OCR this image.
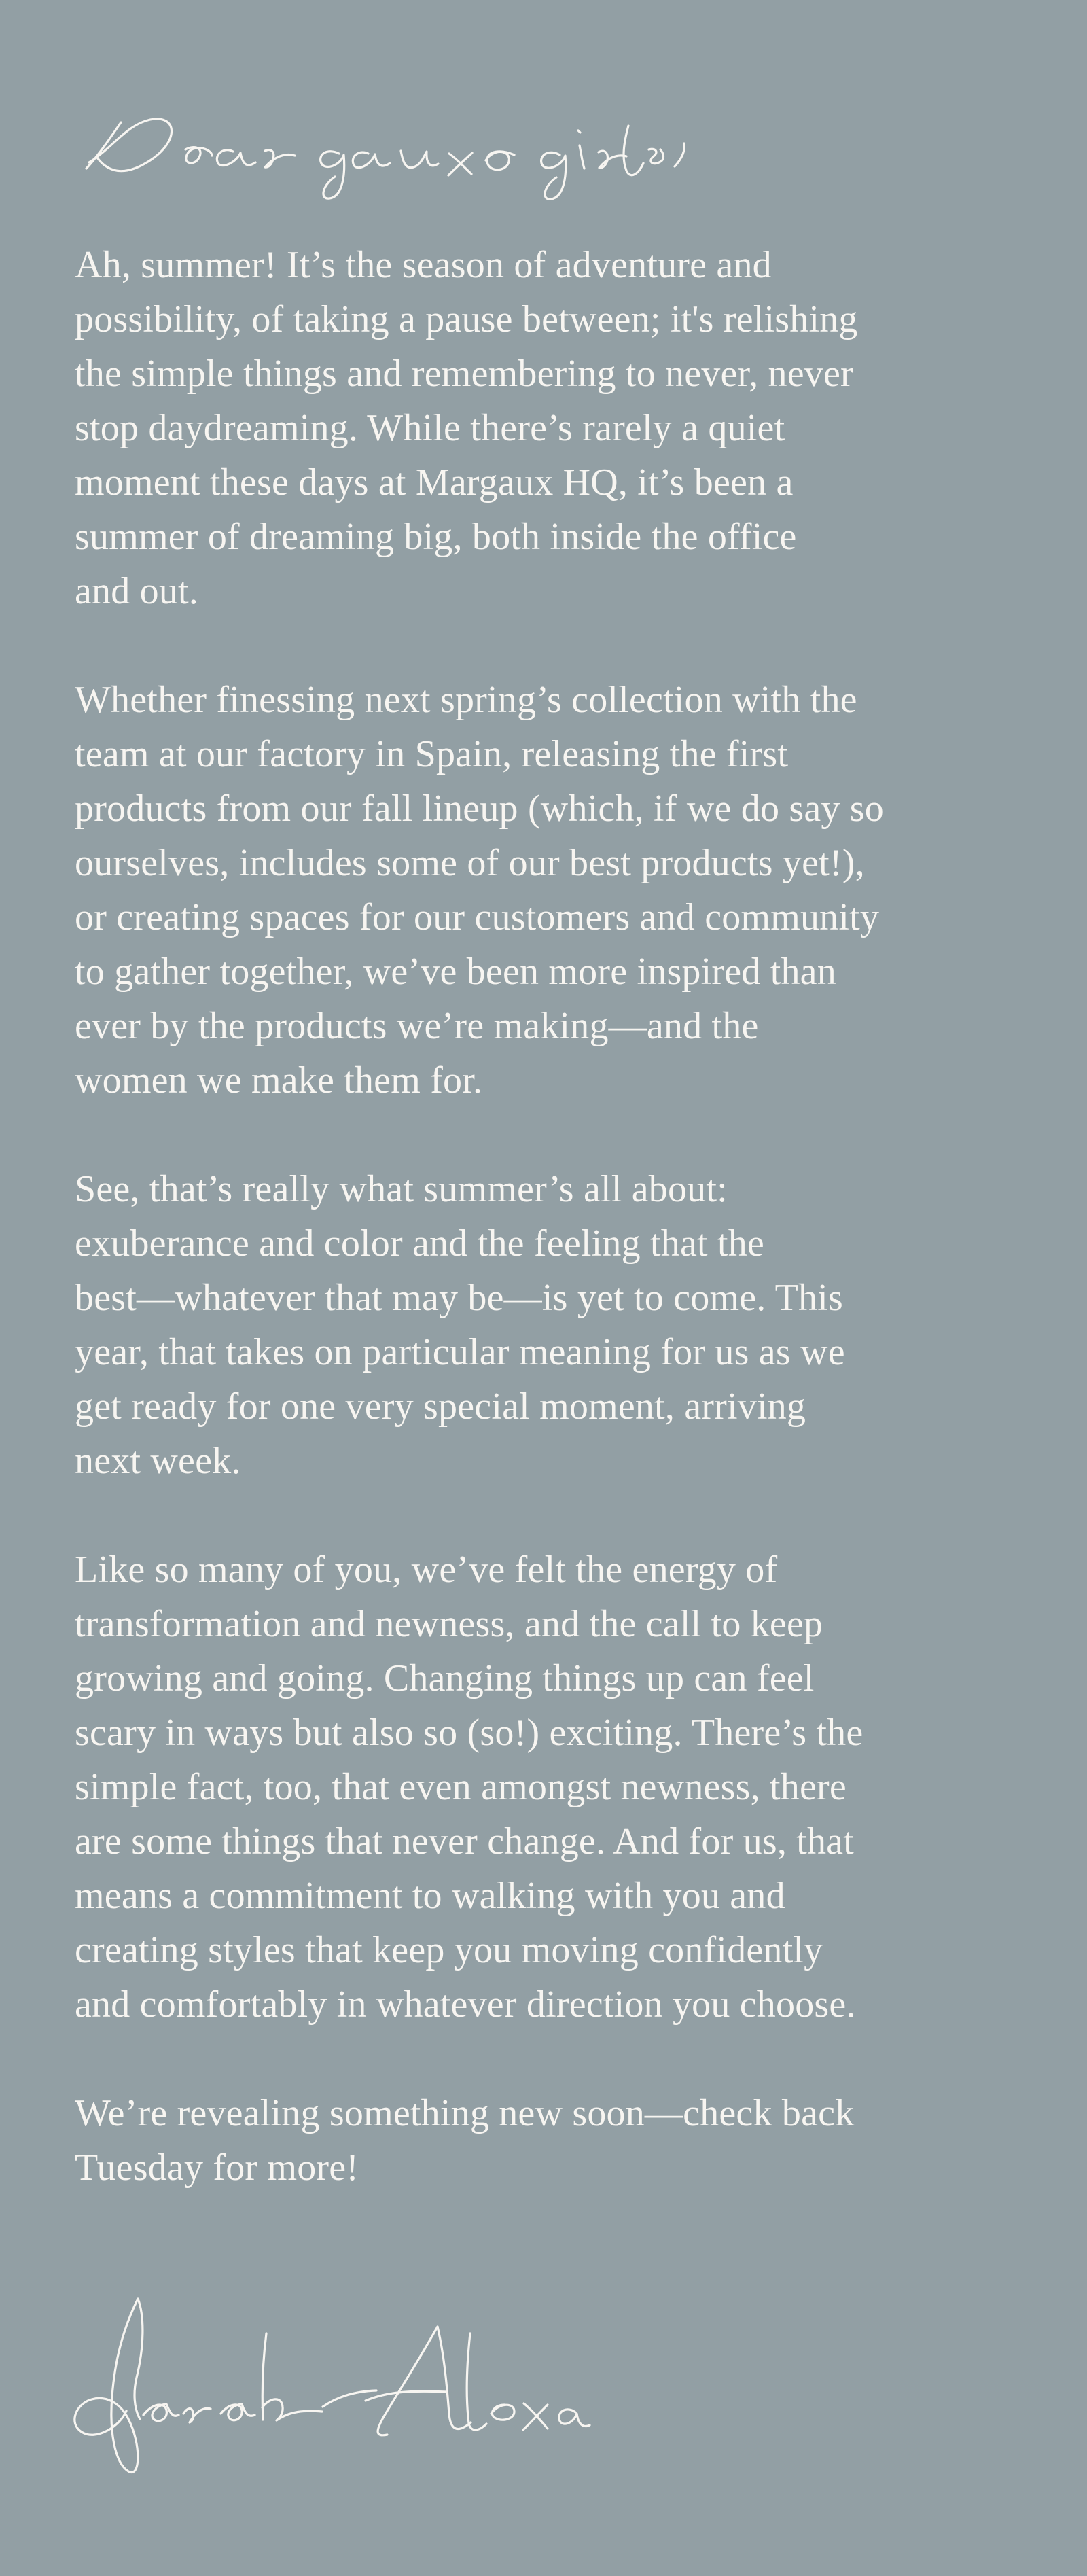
Ah, summer! It’s the season of adventure and
possibility, of taking a pause between; it's relishing
the simple things and remembering to never, never
stop daydreaming. While there’s rarely a quiet
moment these days at Margaux HQ, it’s been a
summer of dreaming big, both inside the office
and out.

Whether finessing next spring’s collection with the
team at our factory in Spain, releasing the first
products from our fall lineup (which, if we do say so
ourselves, includes some of our best products yet!),
or creating spaces for our customers and community
to gather together, we’ve been more inspired than
ever by the products we’re making—and the
women we make them for.

See, that’s really what summer’s all about:
exuberance and color and the feeling that the
best—whatever that may be—is yet to come. This
year, that takes on particular meaning for us as we
get ready for one very special moment, arriving
next week.

Like so many of you, we’ve felt the energy of
transformation and newness, and the call to keep
growing and going. Changing things up can feel
scary in ways but also so (so!) exciting. There’s the
simple fact, too, that even amongst newness, there
are some things that never change. And for us, that
means a commitment to walking with you and
creating styles that keep you moving confidently
and comfortably in whatever direction you choose.

We’re revealing something new soon—check back
Tuesday for more!
